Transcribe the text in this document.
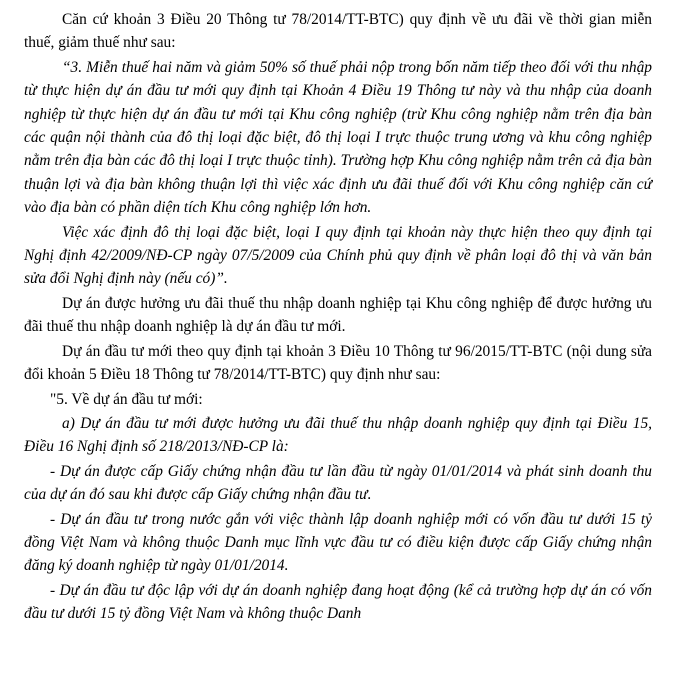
Căn cứ khoản 3 Điều 20 Thông tư 78/2014/TT-BTC) quy định về ưu đãi về thời gian miễn thuế, giảm thuế như sau:

“3. Miễn thuế hai năm và giảm 50% số thuế phải nộp trong bốn năm tiếp theo đối với thu nhập từ thực hiện dự án đầu tư mới quy định tại Khoản 4 Điều 19 Thông tư này và thu nhập của doanh nghiệp từ thực hiện dự án đầu tư mới tại Khu công nghiệp (trừ Khu công nghiệp nằm trên địa bàn các quận nội thành của đô thị loại đặc biệt, đô thị loại I trực thuộc trung ương và khu công nghiệp nằm trên địa bàn các đô thị loại I trực thuộc tỉnh). Trường hợp Khu công nghiệp nằm trên cả địa bàn thuận lợi và địa bàn không thuận lợi thì việc xác định ưu đãi thuế đối với Khu công nghiệp căn cứ vào địa bàn có phần diện tích Khu công nghiệp lớn hơn.

Việc xác định đô thị loại đặc biệt, loại I quy định tại khoản này thực hiện theo quy định tại Nghị định 42/2009/NĐ-CP ngày 07/5/2009 của Chính phủ quy định về phân loại đô thị và văn bản sửa đổi Nghị định này (nếu có)”.

Dự án được hưởng ưu đãi thuế thu nhập doanh nghiệp tại Khu công nghiệp để được hưởng ưu đãi thuế thu nhập doanh nghiệp là dự án đầu tư mới.

Dự án đầu tư mới theo quy định tại khoản 3 Điều 10 Thông tư 96/2015/TT-BTC (nội dung sửa đổi khoản 5 Điều 18 Thông tư 78/2014/TT-BTC) quy định như sau:

"5. Về dự án đầu tư mới:

a) Dự án đầu tư mới được hưởng ưu đãi thuế thu nhập doanh nghiệp quy định tại Điều 15, Điều 16 Nghị định số 218/2013/NĐ-CP là:

- Dự án được cấp Giấy chứng nhận đầu tư lần đầu từ ngày 01/01/2014 và phát sinh doanh thu của dự án đó sau khi được cấp Giấy chứng nhận đầu tư.

- Dự án đầu tư trong nước gắn với việc thành lập doanh nghiệp mới có vốn đầu tư dưới 15 tỷ đồng Việt Nam và không thuộc Danh mục lĩnh vực đầu tư có điều kiện được cấp Giấy chứng nhận đăng ký doanh nghiệp từ ngày 01/01/2014.

- Dự án đầu tư độc lập với dự án doanh nghiệp đang hoạt động (kể cả trường hợp dự án có vốn đầu tư dưới 15 tỷ đồng Việt Nam và không thuộc Danh
